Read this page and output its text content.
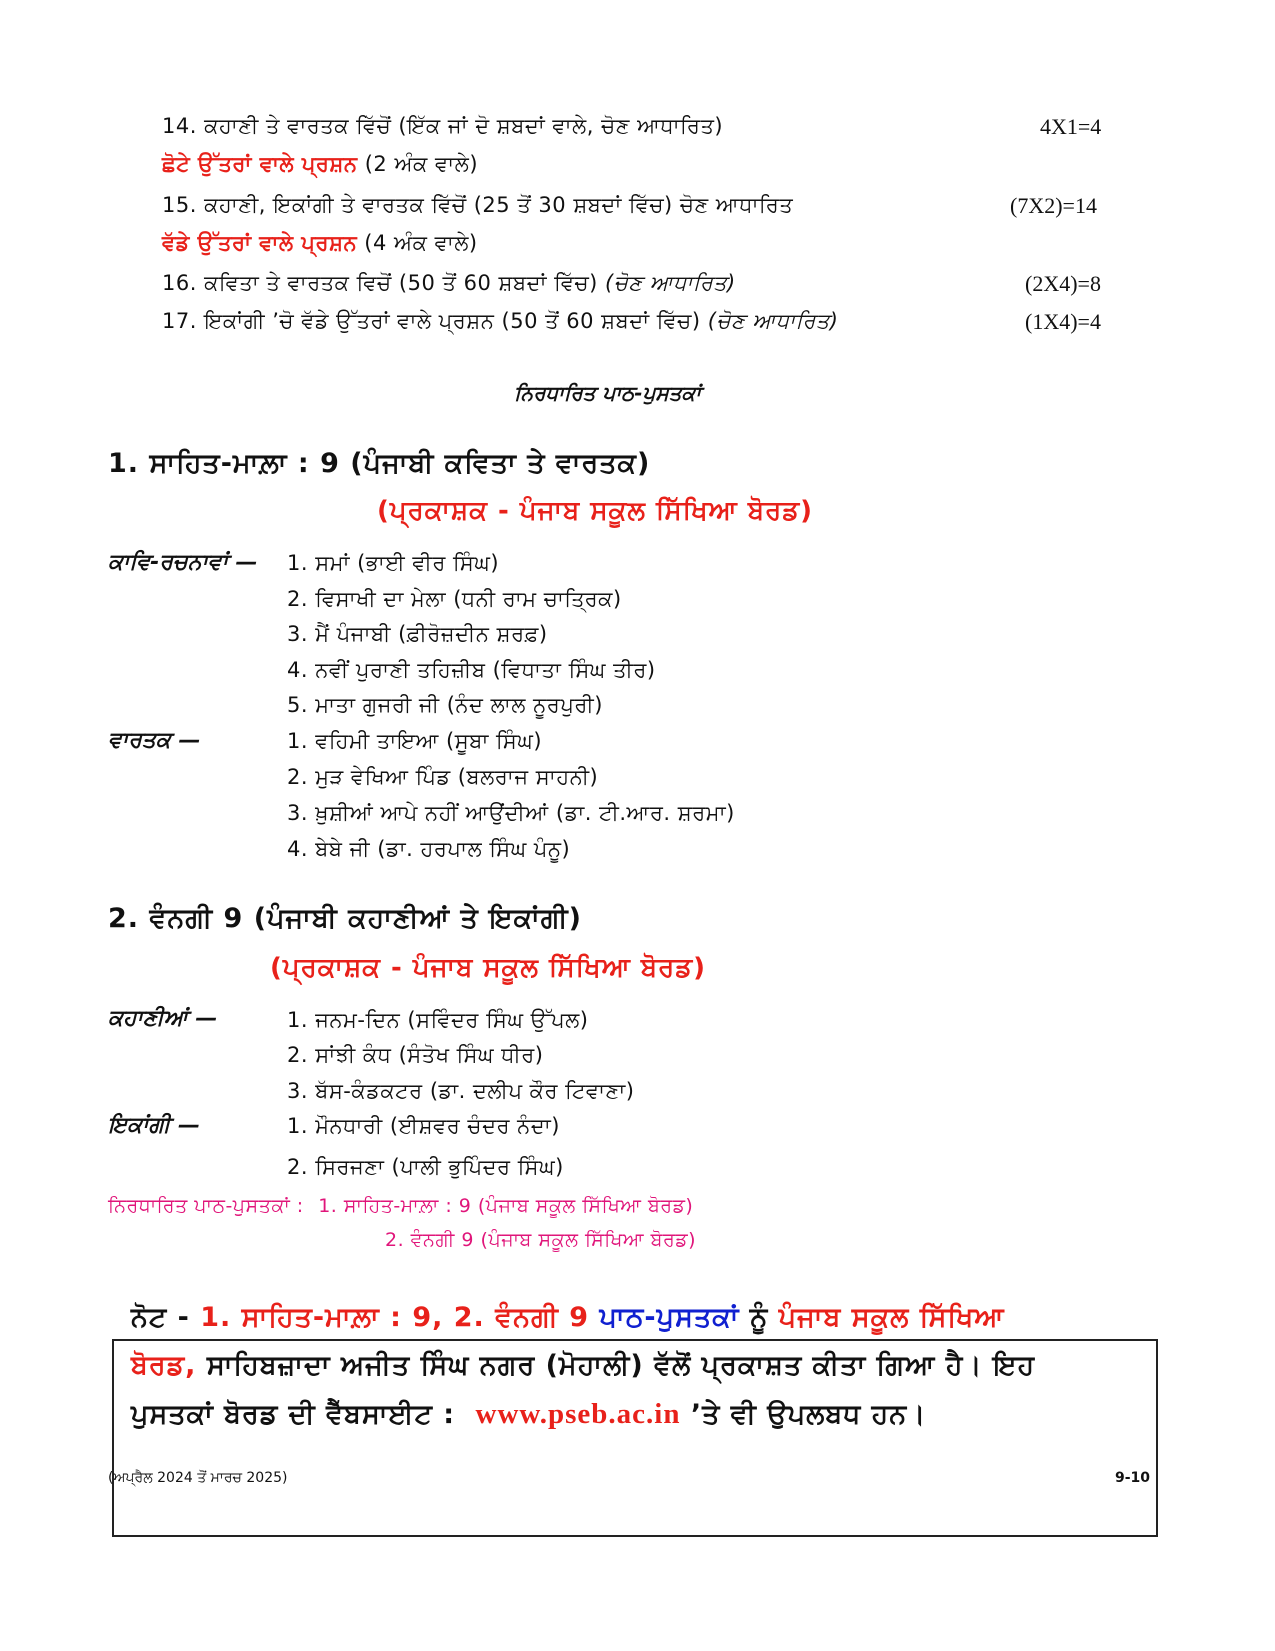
14. ਕਹਾਣੀ ਤੇ ਵਾਰਤਕ ਵਿੱਚੋਂ (ਇੱਕ ਜਾਂ ਦੋ ਸ਼ਬਦਾਂ ਵਾਲੇ, ਚੋਣ ਆਧਾਰਿਤ)	4X1=4
ਛੋਟੇ ਉੱਤਰਾਂ ਵਾਲੇ ਪ੍ਰਸ਼ਨ (2 ਅੰਕ ਵਾਲੇ)
15. ਕਹਾਣੀ, ਇਕਾਂਗੀ ਤੇ ਵਾਰਤਕ ਵਿੱਚੋਂ (25 ਤੋਂ 30 ਸ਼ਬਦਾਂ ਵਿੱਚ) ਚੋਣ ਆਧਾਰਿਤ	(7X2)=14
ਵੱਡੇ ਉੱਤਰਾਂ ਵਾਲੇ ਪ੍ਰਸ਼ਨ (4 ਅੰਕ ਵਾਲੇ)
16. ਕਵਿਤਾ ਤੇ ਵਾਰਤਕ ਵਿਚੋਂ (50 ਤੋਂ 60 ਸ਼ਬਦਾਂ ਵਿੱਚ) (ਚੋਣ ਆਧਾਰਿਤ)	(2X4)=8
17. ਇਕਾਂਗੀ ’ਚੋ ਵੱਡੇ ਉੱਤਰਾਂ ਵਾਲੇ ਪ੍ਰਸ਼ਨ (50 ਤੋਂ 60 ਸ਼ਬਦਾਂ ਵਿੱਚ) (ਚੋਣ ਆਧਾਰਿਤ)	(1X4)=4
ਨਿਰਧਾਰਿਤ ਪਾਠ-ਪੁਸਤਕਾਂ
1. ਸਾਹਿਤ-ਮਾਲ਼ਾ : 9 (ਪੰਜਾਬੀ ਕਵਿਤਾ ਤੇ ਵਾਰਤਕ)
(ਪ੍ਰਕਾਸ਼ਕ - ਪੰਜਾਬ ਸਕੂਲ ਸਿੱਖਿਆ ਬੋਰਡ)
ਕਾਵਿ-ਰਚਨਾਵਾਂ — 1. ਸਮਾਂ (ਭਾਈ ਵੀਰ ਸਿੰਘ)
2. ਵਿਸਾਖੀ ਦਾ ਮੇਲਾ (ਧਨੀ ਰਾਮ ਚਾਤ੍ਰਿਕ)
3. ਮੈਂ ਪੰਜਾਬੀ (ਫ਼ੀਰੋਜ਼ਦੀਨ ਸ਼ਰਫ਼)
4. ਨਵੀਂ ਪੁਰਾਣੀ ਤਹਿਜ਼ੀਬ (ਵਿਧਾਤਾ ਸਿੰਘ ਤੀਰ)
5. ਮਾਤਾ ਗੁਜਰੀ ਜੀ (ਨੰਦ ਲਾਲ ਨੂਰਪੁਰੀ)
ਵਾਰਤਕ —	1. ਵਹਿਮੀ ਤਾਇਆ (ਸੂਬਾ ਸਿੰਘ)
2. ਮੁੜ ਵੇਖਿਆ ਪਿੰਡ (ਬਲਰਾਜ ਸਾਹਨੀ)
3. ਖ਼ੁਸ਼ੀਆਂ ਆਪੇ ਨਹੀਂ ਆਉਂਦੀਆਂ (ਡਾ. ਟੀ.ਆਰ. ਸ਼ਰਮਾ)
4. ਬੇਬੇ ਜੀ (ਡਾ. ਹਰਪਾਲ ਸਿੰਘ ਪੰਨੂ)
2. ਵੰਨਗੀ 9 (ਪੰਜਾਬੀ ਕਹਾਣੀਆਂ ਤੇ ਇਕਾਂਗੀ)
(ਪ੍ਰਕਾਸ਼ਕ - ਪੰਜਾਬ ਸਕੂਲ ਸਿੱਖਿਆ ਬੋਰਡ)
ਕਹਾਣੀਆਂ —	1. ਜਨਮ-ਦਿਨ (ਸਵਿੰਦਰ ਸਿੰਘ ਉੱਪਲ)
2. ਸਾਂਝੀ ਕੰਧ (ਸੰਤੋਖ ਸਿੰਘ ਧੀਰ)
3. ਬੱਸ-ਕੰਡਕਟਰ (ਡਾ. ਦਲੀਪ ਕੌਰ ਟਿਵਾਣਾ)
ਇਕਾਂਗੀ —	1. ਮੌਨਧਾਰੀ (ਈਸ਼ਵਰ ਚੰਦਰ ਨੰਦਾ)
2. ਸਿਰਜਣਾ (ਪਾਲੀ ਭੁਪਿੰਦਰ ਸਿੰਘ)
ਨਿਰਧਾਰਿਤ ਪਾਠ-ਪੁਸਤਕਾਂ : 1. ਸਾਹਿਤ-ਮਾਲ਼ਾ : 9 (ਪੰਜਾਬ ਸਕੂਲ ਸਿੱਖਿਆ ਬੋਰਡ)
2. ਵੰਨਗੀ 9 (ਪੰਜਾਬ ਸਕੂਲ ਸਿੱਖਿਆ ਬੋਰਡ)
ਨੋਟ - 1. ਸਾਹਿਤ-ਮਾਲ਼ਾ : 9, 2. ਵੰਨਗੀ 9 ਪਾਠ-ਪੁਸਤਕਾਂ ਨੂੰ ਪੰਜਾਬ ਸਕੂਲ ਸਿੱਖਿਆ
ਬੋਰਡ, ਸਾਹਿਬਜ਼ਾਦਾ ਅਜੀਤ ਸਿੰਘ ਨਗਰ (ਮੋਹਾਲੀ) ਵੱਲੋਂ ਪ੍ਰਕਾਸ਼ਤ ਕੀਤਾ ਗਿਆ ਹੈ। ਇਹ
ਪੁਸਤਕਾਂ ਬੋਰਡ ਦੀ ਵੈੱਬਸਾਈਟ : www.pseb.ac.in ’ਤੇ ਵੀ ਉਪਲਬਧ ਹਨ।
(ਅਪ੍ਰੈਲ 2024 ਤੋਂ ਮਾਰਚ 2025)	9-10
